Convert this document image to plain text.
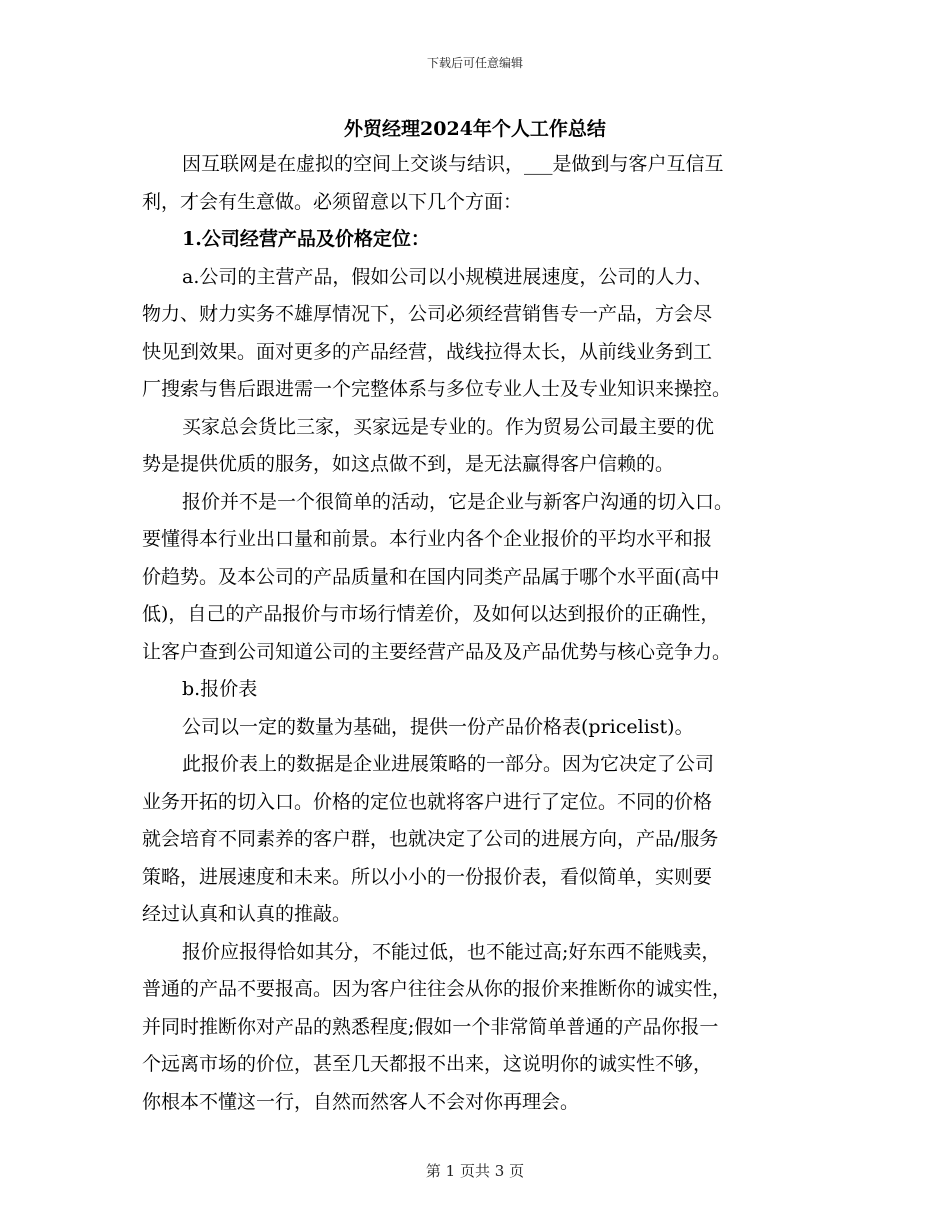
下载后可任意编辑
外贸经理2024年个人工作总结
因互联网是在虚拟的空间上交谈与结识，___是做到与客户互信互
利，才会有生意做。必须留意以下几个方面：
1.公司经营产品及价格定位：
a.公司的主营产品，假如公司以小规模进展速度，公司的人力、
物力、财力实务不雄厚情况下，公司必须经营销售专一产品，方会尽
快见到效果。面对更多的产品经营，战线拉得太长，从前线业务到工
厂搜索与售后跟进需一个完整体系与多位专业人士及专业知识来操控。
买家总会货比三家，买家远是专业的。作为贸易公司最主要的优
势是提供优质的服务，如这点做不到，是无法赢得客户信赖的。
报价并不是一个很简单的活动，它是企业与新客户沟通的切入口。
要懂得本行业出口量和前景。本行业内各个企业报价的平均水平和报
价趋势。及本公司的产品质量和在国内同类产品属于哪个水平面(高中
低)，自己的产品报价与市场行情差价，及如何以达到报价的正确性，
让客户查到公司知道公司的主要经营产品及及产品优势与核心竞争力。
b.报价表
公司以一定的数量为基础，提供一份产品价格表(pricelist)。
此报价表上的数据是企业进展策略的一部分。因为它决定了公司
业务开拓的切入口。价格的定位也就将客户进行了定位。不同的价格
就会培育不同素养的客户群，也就决定了公司的进展方向，产品/服务
策略，进展速度和未来。所以小小的一份报价表，看似简单，实则要
经过认真和认真的推敲。
报价应报得恰如其分，不能过低，也不能过高;好东西不能贱卖，
普通的产品不要报高。因为客户往往会从你的报价来推断你的诚实性，
并同时推断你对产品的熟悉程度;假如一个非常简单普通的产品你报一
个远离市场的价位，甚至几天都报不出来，这说明你的诚实性不够，
你根本不懂这一行，自然而然客人不会对你再理会。
第 1 页共 3 页
